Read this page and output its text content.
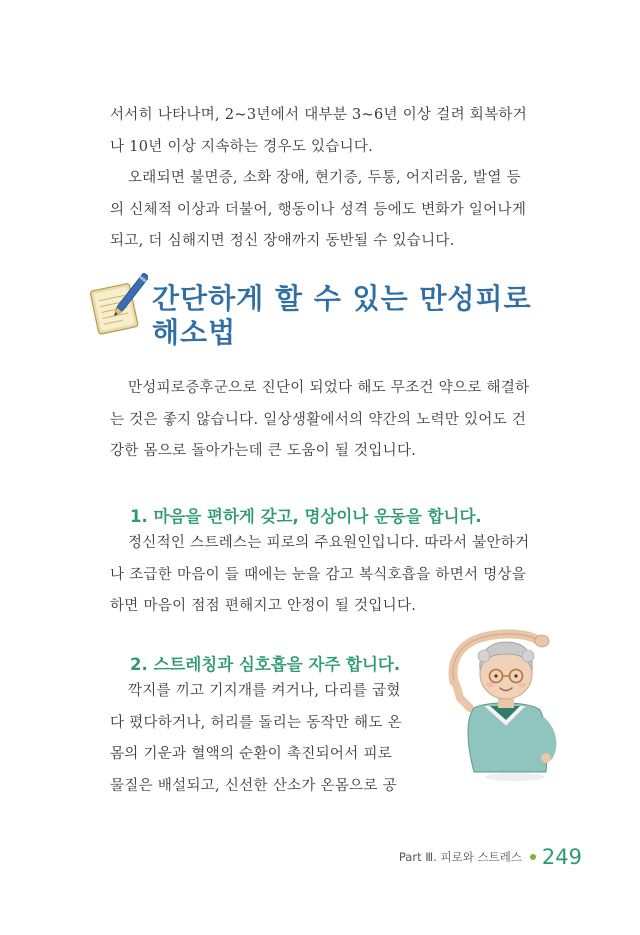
서서히 나타나며, 2~3년에서 대부분 3~6년 이상 걸려 회복하거
나 10년 이상 지속하는 경우도 있습니다.

오래되면 불면증, 소화 장애, 현기증, 두통, 어지러움, 발열 등
의 신체적 이상과 더불어, 행동이나 성격 등에도 변화가 일어나게
되고, 더 심해지면 정신 장애까지 동반될 수 있습니다.

간단하게 할 수 있는 만성피로
해소법

만성피로증후군으로 진단이 되었다 해도 무조건 약으로 해결하
는 것은 좋지 않습니다. 일상생활에서의 약간의 노력만 있어도 건
강한 몸으로 돌아가는데 큰 도움이 될 것입니다.

1. 마음을 편하게 갖고, 명상이나 운동을 합니다.

정신적인 스트레스는 피로의 주요원인입니다. 따라서 불안하거
나 조급한 마음이 들 때에는 눈을 감고 복식호흡을 하면서 명상을
하면 마음이 점점 편해지고 안정이 될 것입니다.

2. 스트레칭과 심호흡을 자주 합니다.

깍지를 끼고 기지개를 켜거나, 다리를 굽혔
다 폈다하거나, 허리를 돌리는 동작만 해도 온
몸의 기운과 혈액의 순환이 촉진되어서 피로
물질은 배설되고, 신선한 산소가 온몸으로 공

Part Ⅲ. 피로와 스트레스 249
